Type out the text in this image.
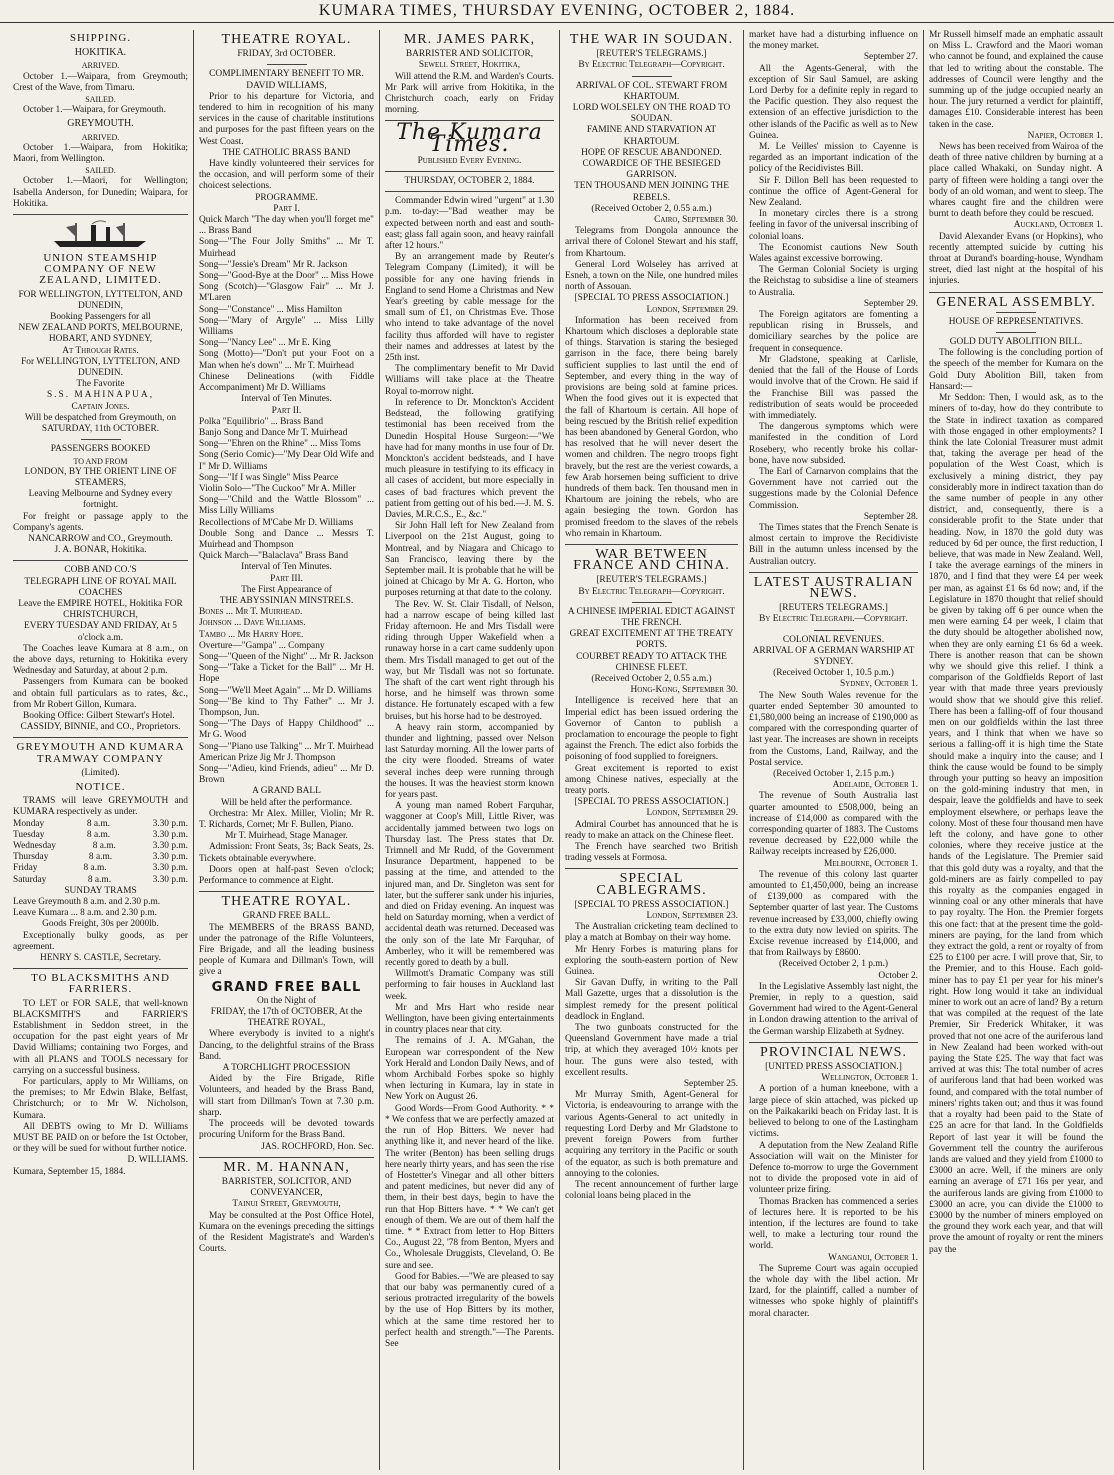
KUMARA TIMES, THURSDAY EVENING, OCTOBER 2, 1884.
SHIPPING.
HOKITIKA.
ARRIVED.

October 1.—Waipara, from Greymouth; Crest of the Wave, from Timaru.

SAILED.

October 1.—Waipara, for Greymouth.

GREYMOUTH.
ARRIVED.

October 1.—Waipara, from Hokitika; Maori, from Wellington.

SAILED.

October 1.—Maori, for Wellington; Isabella Anderson, for Dunedin; Waipara, for Hokitika.

UNION STEAMSHIP COMPANY OF NEW ZEALAND, LIMITED.
FOR WELLINGTON, LYTTELTON, AND DUNEDIN,
Booking Passengers for all
NEW ZEALAND PORTS, MELBOURNE, HOBART, AND SYDNEY,
At Through Rates.
For WELLINGTON, LYTTELTON, AND DUNEDIN.
The Favorite
S.S. MAHINAPUA,
Captain Jones.
Will be despatched from Greymouth, on
SATURDAY, 11th OCTOBER.
PASSENGERS BOOKED
TO AND FROM
LONDON, BY THE ORIENT LINE OF STEAMERS,
Leaving Melbourne and Sydney every fortnight.

For freight or passage apply to the Company's agents.

NANCARROW and CO., Greymouth.
J. A. BONAR, Hokitika.
COBB AND CO.'S
TELEGRAPH LINE OF ROYAL MAIL COACHES
Leave the EMPIRE HOTEL, Hokitika FOR CHRISTCHURCH,
EVERY TUESDAY AND FRIDAY, At 5 o'clock a.m.

The Coaches leave Kumara at 8 a.m., on the above days, returning to Hokitika every Wednesday and Saturday, at about 2 p.m.

Passengers from Kumara can be booked and obtain full particulars as to rates, &c., from Mr Robert Gillon, Kumara.

Booking Office: Gilbert Stewart's Hotel.

CASSIDY, BINNIE, and CO., Proprietors.
GREYMOUTH AND KUMARA TRAMWAY COMPANY
(Limited).
NOTICE.

TRAMS will leave GREYMOUTH and KUMARA respectively as under.

Monday	8 a.m.	3.30 p.m.
Tuesday	8 a.m.	3.30 p.m.
Wednesday	8 a.m.	3.30 p.m.
Thursday	8 a.m.	3.30 p.m.
Friday	8 a.m.	3.30 p.m.
Saturday	8 a.m.	3.30 p.m.
SUNDAY TRAMS
Leave Greymouth 8 a.m. and 2.30 p.m.
Leave Kumara ... 8 a.m. and 2.30 p.m.
Goods Freight, 30s per 2000lb.

Exceptionally bulky goods, as per agreement.

HENRY S. CASTLE, Secretary.
TO BLACKSMITHS AND FARRIERS.

TO LET or FOR SALE, that well-known BLACKSMITH'S and FARRIER'S Establishment in Seddon street, in the occupation for the past eight years of Mr David Williams; containing two Forges, and with all PLANS and TOOLS necessary for carrying on a successful business.

For particulars, apply to Mr Williams, on the premises; to Mr Edwin Blake, Belfast, Christchurch; or to Mr W. Nicholson, Kumara.

All DEBTS owing to Mr D. Williams MUST BE PAID on or before the 1st October, or they will be sued for without further notice.

D. WILLIAMS.
Kumara, September 15, 1884.
THEATRE ROYAL.
FRIDAY, 3rd OCTOBER.
COMPLIMENTARY BENEFIT TO MR. DAVID WILLIAMS,

Prior to his departure for Victoria, and tendered to him in recognition of his many services in the cause of charitable institutions and purposes for the past fifteen years on the West Coast.

THE CATHOLIC BRASS BAND

Have kindly volunteered their services for the occasion, and will perform some of their choicest selections.

PROGRAMME.
Part I.
Quick March "The day when you'll forget me" ... Brass Band
Song—"The Four Jolly Smiths" ... Mr T. Muirhead
Song—"Jessie's Dream" Mr R. Jackson
Song—"Good-Bye at the Door" ... Miss Howe
Song (Scotch)—"Glasgow Fair" ... Mr J. M'Laren
Song—"Constance" ... Miss Hamilton
Song—"Mary of Argyle" ... Miss Lilly Williams
Song—"Nancy Lee" ... Mr E. King
Song (Motto)—"Don't put your Foot on a Man when he's down" ... Mr T. Muirhead
Chinese Delineations (with Fiddle Accompaniment) Mr D. Williams
Interval of Ten Minutes.
Part II.
Polka "Equilibrio" ... Brass Band
Banjo Song and Dance Mr T. Muirhead
Song—"Ehren on the Rhine" ... Miss Toms
Song (Serio Comic)—"My Dear Old Wife and I" Mr D. Williams
Song—"If I was Single" Miss Pearce
Violin Solo—"The Cuckoo" Mr A. Miller
Song—"Child and the Wattle Blossom" ... Miss Lilly Williams
Recollections of M'Cabe Mr D. Williams
Double Song and Dance ... Messrs T. Muirhead and Thompson
Quick March—"Balaclava" Brass Band
Interval of Ten Minutes.
Part III.
The First Appearance of
THE ABYSSINIAN MINSTRELS.
Bones ... Mr T. Muirhead.
Johnson ... Dave Williams.
Tambo ... Mr Harry Hope.
Overture—"Gampa" ... Company
Song—"Queen of the Night" ... Mr R. Jackson
Song—"Take a Ticket for the Ball" ... Mr H. Hope
Song—"We'll Meet Again" ... Mr D. Williams
Song—"Be kind to Thy Father" ... Mr J. Thompson, Jun.
Song—"The Days of Happy Childhood" ... Mr G. Wood
Song—"Piano use Talking" ... Mr T. Muirhead
American Prize Jig Mr J. Thompson
Song—"Adieu, kind Friends, adieu" ... Mr D. Brown
A GRAND BALL
Will be held after the performance.

Orchestra: Mr Alex. Miller, Violin; Mr R. T. Richards, Cornet; Mr F. Bullen, Piano.

Mr T. Muirhead, Stage Manager.

Admission: Front Seats, 3s; Back Seats, 2s. Tickets obtainable everywhere.

Doors open at half-past Seven o'clock; Performance to commence at Eight.

THEATRE ROYAL.
GRAND FREE BALL.

The MEMBERS of the BRASS BAND, under the patronage of the Rifle Volunteers, Fire Brigade, and all the leading business people of Kumara and Dillman's Town, will give a

GRAND FREE BALL
On the Night of
FRIDAY, the 17th of OCTOBER, At the
THEATRE ROYAL,

Where everybody is invited to a night's Dancing, to the delightful strains of the Brass Band.

A TORCHLIGHT PROCESSION

Aided by the Fire Brigade, Rifle Volunteers, and headed by the Brass Band, will start from Dillman's Town at 7.30 p.m. sharp.

The proceeds will be devoted towards procuring Uniform for the Brass Band.

JAS. ROCHFORD, Hon. Sec.
MR. M. HANNAN,
BARRISTER, SOLICITOR, AND CONVEYANCER,
Tainui Street, Greymouth,

May be consulted at the Post Office Hotel, Kumara on the evenings preceding the sittings of the Resident Magistrate's and Warden's Courts.

MR. JAMES PARK,
BARRISTER AND SOLICITOR,
Sewell Street, Hokitika,

Will attend the R.M. and Warden's Courts. Mr Park will arrive from Hokitika, in the Christchurch coach, early on Friday morning.

The Kumara Times.
Published Every Evening.
THURSDAY, OCTOBER 2, 1884.

Commander Edwin wired "urgent" at 1.30 p.m. to-day:—"Bad weather may be expected between north and east and south-east; glass fall again soon, and heavy rainfall after 12 hours."

By an arrangement made by Reuter's Telegram Company (Limited), it will be possible for any one having friends in England to send Home a Christmas and New Year's greeting by cable message for the small sum of £1, on Christmas Eve. Those who intend to take advantage of the novel facility thus afforded will have to register their names and addresses at latest by the 25th inst.

The complimentary benefit to Mr David Williams will take place at the Theatre Royal to-morrow night.

In reference to Dr. Monckton's Accident Bedstead, the following gratifying testimonial has been received from the Dunedin Hospital House Surgeon:—"We have had for many months in use four of Dr. Monckton's accident bedsteads, and I have much pleasure in testifying to its efficacy in all cases of accident, but more especially in cases of bad fractures which prevent the patient from getting out of his bed.—J. M. S. Davies, M.R.C.S., E., &c."

Sir John Hall left for New Zealand from Liverpool on the 21st August, going to Montreal, and by Niagara and Chicago to San Francisco, leaving there by the September mail. It is probable that he will be joined at Chicago by Mr A. G. Horton, who purposes returning at that date to the colony.

The Rev. W. St. Clair Tisdall, of Nelson, had a narrow escape of being killed last Friday afternoon. He and Mrs Tisdall were riding through Upper Wakefield when a runaway horse in a cart came suddenly upon them. Mrs Tisdall managed to get out of the way, but Mr Tisdall was not so fortunate. The shaft of the cart went right through his horse, and he himself was thrown some distance. He fortunately escaped with a few bruises, but his horse had to be destroyed.

A heavy rain storm, accompanied by thunder and lightning, passed over Nelson last Saturday morning. All the lower parts of the city were flooded. Streams of water several inches deep were running through the houses. It was the heaviest storm known for years past.

A young man named Robert Farquhar, waggoner at Coop's Mill, Little River, was accidentally jammed between two logs on Thursday last. The Press states that Dr. Trimnell and Mr Rudd, of the Government Insurance Department, happened to be passing at the time, and attended to the injured man, and Dr. Singleton was sent for later, but the sufferer sank under his injuries, and died on Friday evening. An inquest was held on Saturday morning, when a verdict of accidental death was returned. Deceased was the only son of the late Mr Farquhar, of Amberley, who it will be remembered was recently gored to death by a bull.

Willmott's Dramatic Company was still performing to fair houses in Auckland last week.

Mr and Mrs Hart who reside near Wellington, have been giving entertainments in country places near that city.

The remains of J. A. M'Gahan, the European war correspondent of the New York Herald and London Daily News, and of whom Archibald Forbes spoke so highly when lecturing in Kumara, lay in state in New York on August 26.

Good Words—From Good Authority. * * * We confess that we are perfectly amazed at the run of Hop Bitters. We never had anything like it, and never heard of the like. The writer (Benton) has been selling drugs here nearly thirty years, and has seen the rise of Hostetter's Vinegar and all other bitters and patent medicines, but never did any of them, in their best days, begin to have the run that Hop Bitters have. * * We can't get enough of them. We are out of them half the time. * * Extract from letter to Hop Bitters Co., August 22, '78 from Benton, Myers and Co., Wholesale Druggists, Cleveland, O. Be sure and see.

Good for Babies.—"We are pleased to say that our baby was permanently cured of a serious protracted irregularity of the bowels by the use of Hop Bitters by its mother, which at the same time restored her to perfect health and strength."—The Parents. See

THE WAR IN SOUDAN.
[REUTER'S TELEGRAMS.]
By Electric Telegraph—Copyright.
ARRIVAL OF COL. STEWART FROM KHARTOUM.
LORD WOLSELEY ON THE ROAD TO SOUDAN.
FAMINE AND STARVATION AT KHARTOUM.
HOPE OF RESCUE ABANDONED.
COWARDICE OF THE BESIEGED GARRISON.
TEN THOUSAND MEN JOINING THE REBELS.
(Received October 2, 0.55 a.m.)
Cairo, September 30.

Telegrams from Dongola announce the arrival there of Colonel Stewart and his staff, from Khartoum.

General Lord Wolseley has arrived at Esneh, a town on the Nile, one hundred miles north of Assouan.

[SPECIAL TO PRESS ASSOCIATION.]
London, September 29.

Information has been received from Khartoum which discloses a deplorable state of things. Starvation is staring the besieged garrison in the face, there being barely sufficient supplies to last until the end of September, and every thing in the way of provisions are being sold at famine prices. When the food gives out it is expected that the fall of Khartoum is certain. All hope of being rescued by the British relief expedition has been abandoned by General Gordon, who has resolved that he will never desert the women and children. The negro troops fight bravely, but the rest are the veriest cowards, a few Arab horsemen being sufficient to drive hundreds of them back. Ten thousand men in Khartoum are joining the rebels, who are again besieging the town. Gordon has promised freedom to the slaves of the rebels who remain in Khartoum.

WAR BETWEEN FRANCE AND CHINA.
[REUTER'S TELEGRAMS.]
By Electric Telegraph—Copyright.
A CHINESE IMPERIAL EDICT AGAINST THE FRENCH.
GREAT EXCITEMENT AT THE TREATY PORTS.
COURBET READY TO ATTACK THE CHINESE FLEET.
(Received October 2, 0.55 a.m.)
Hong-Kong, September 30.

Intelligence is received here that an Imperial edict has been issued ordering the Governor of Canton to publish a proclamation to encourage the people to fight against the French. The edict also forbids the poisoning of food supplied to foreigners.

Great excitement is reported to exist among Chinese natives, especially at the treaty ports.

[SPECIAL TO PRESS ASSOCIATION.]
London, September 29.

Admiral Courbet has announced that he is ready to make an attack on the Chinese fleet.

The French have searched two British trading vessels at Formosa.

SPECIAL CABLEGRAMS.
[SPECIAL TO PRESS ASSOCIATION.]
London, September 23.

The Australian cricketing team declined to play a match at Bombay on their way home.

Mr Henry Forbes is maturing plans for exploring the south-eastern portion of New Guinea.

Sir Gavan Duffy, in writing to the Pall Mall Gazette, urges that a dissolution is the simplest remedy for the present political deadlock in England.

The two gunboats constructed for the Queensland Government have made a trial trip, at which they averaged 10½ knots per hour. The guns were also tested, with excellent results.

September 25.

Mr Murray Smith, Agent-General for Victoria, is endeavouring to arrange with the various Agents-General to act unitedly in requesting Lord Derby and Mr Gladstone to prevent foreign Powers from further acquiring any territory in the Pacific or south of the equator, as such is both premature and annoying to the colonies.

The recent announcement of further large colonial loans being placed in the

market have had a disturbing influence on the money market.

September 27.

All the Agents-General, with the exception of Sir Saul Samuel, are asking Lord Derby for a definite reply in regard to the Pacific question. They also request the extension of an effective jurisdiction to the other islands of the Pacific as well as to New Guinea.

M. Le Veilles' mission to Cayenne is regarded as an important indication of the policy of the Recidivistes Bill.

Sir F. Dillon Bell has been requested to continue the office of Agent-General for New Zealand.

In monetary circles there is a strong feeling in favor of the universal inscribing of colonial loans.

The Economist cautions New South Wales against excessive borrowing.

The German Colonial Society is urging the Reichstag to subsidise a line of steamers to Australia.

September 29.

The Foreign agitators are fomenting a republican rising in Brussels, and domiciliary searches by the police are frequent in consequence.

Mr Gladstone, speaking at Carlisle, denied that the fall of the House of Lords would involve that of the Crown. He said if the Franchise Bill was passed the redistribution of seats would be proceeded with immediately.

The dangerous symptoms which were manifested in the condition of Lord Rosebery, who recently broke his collar-bone, have now subsided.

The Earl of Carnarvon complains that the Government have not carried out the suggestions made by the Colonial Defence Commission.

September 28.

The Times states that the French Senate is almost certain to improve the Recidiviste Bill in the autumn unless incensed by the Australian outcry.

LATEST AUSTRALIAN NEWS.
[REUTERS TELEGRAMS.]
By Electric Telegraph.—Copyright.
COLONIAL REVENUES.
ARRIVAL OF A GERMAN WARSHIP AT SYDNEY.
(Received October 1, 10.5 p.m.)
Sydney, October 1.

The New South Wales revenue for the quarter ended September 30 amounted to £1,580,000 being an increase of £190,000 as compared with the corresponding quarter of last year. The increases are shown in receipts from the Customs, Land, Railway, and the Postal service.

(Received October 1, 2.15 p.m.)
Adelaide, October 1.

The revenue of South Australia last quarter amounted to £508,000, being an increase of £14,000 as compared with the corresponding quarter of 1883. The Customs revenue decreased by £22,000 while the Railway receipts increased by £26,000.

Melbourne, October 1.

The revenue of this colony last quarter amounted to £1,450,000, being an increase of £139,000 as compared with the September quarter of last year. The Customs revenue increased by £33,000, chiefly owing to the extra duty now levied on spirits. The Excise revenue increased by £14,000, and that from Railways by £8600.

(Received October 2, 1 p.m.)
October 2.

In the Legislative Assembly last night, the Premier, in reply to a question, said Government had wired to the Agent-General in London drawing attention to the arrival of the German warship Elizabeth at Sydney.

PROVINCIAL NEWS.
[UNITED PRESS ASSOCIATION.]
Wellington, October 1.

A portion of a human kneebone, with a large piece of skin attached, was picked up on the Paikakariki beach on Friday last. It is believed to belong to one of the Lastingham victims.

A deputation from the New Zealand Rifle Association will wait on the Minister for Defence to-morrow to urge the Government not to divide the proposed vote in aid of volunteer prize firing.

Thomas Bracken has commenced a series of lectures here. It is reported to be his intention, if the lectures are found to take well, to make a lecturing tour round the world.

Wanganui, October 1.

The Supreme Court was again occupied the whole day with the libel action. Mr Izard, for the plaintiff, called a number of witnesses who spoke highly of plaintiff's moral character.

Mr Russell himself made an emphatic assault on Miss L. Crawford and the Maori woman who cannot be found, and explained the cause that led to writing about the constable. The addresses of Council were lengthy and the summing up of the judge occupied nearly an hour. The jury returned a verdict for plaintiff, damages £10. Considerable interest has been taken in the case.

Napier, October 1.

News has been received from Wairoa of the death of three native children by burning at a place called Whakaki, on Sunday night. A party of fifteen were holding a tangi over the body of an old woman, and went to sleep. The whares caught fire and the children were burnt to death before they could be rescued.

Auckland, October 1.

David Alexander Evans (or Hopkins), who recently attempted suicide by cutting his throat at Durand's boarding-house, Wyndham street, died last night at the hospital of his injuries.

GENERAL ASSEMBLY.
HOUSE OF REPRESENTATIVES.
GOLD DUTY ABOLITION BILL.

The following is the concluding portion of the speech of the member for Kumara on the Gold Duty Abolition Bill, taken from Hansard:—

Mr Seddon: Then, I would ask, as to the miners of to-day, how do they contribute to the State in indirect taxation as compared with those engaged in other employments? I think the late Colonial Treasurer must admit that, taking the average per head of the population of the West Coast, which is exclusively a mining district, they pay considerably more in indirect taxation than do the same number of people in any other district, and, consequently, there is a considerable profit to the State under that heading. Now, in 1870 the gold duty was reduced by 6d per ounce, the first reduction, I believe, that was made in New Zealand. Well, I take the average earnings of the miners in 1870, and I find that they were £4 per week per man, as against £1 6s 6d now; and, if the Legislature in 1870 thought that relief should be given by taking off 6 per ounce when the men were earning £4 per week, I claim that the duty should be altogether abolished now, when they are only earning £1 6s 6d a week. There is another reason that can be shown why we should give this relief. I think a comparison of the Goldfields Report of last year with that made three years previously would show that we should give this relief. There has been a falling-off of four thousand men on our goldfields within the last three years, and I think that when we have so serious a falling-off it is high time the State should make a inquiry into the cause; and I think the cause would be found to be simply through your putting so heavy an imposition on the gold-mining industry that men, in despair, leave the goldfields and have to seek employment elsewhere, or perhaps leave the colony. Most of these four thousand men have left the colony, and have gone to other colonies, where they receive justice at the hands of the Legislature. The Premier said that this gold duty was a royalty, and that the gold-miners are as fairly compelled to pay this royalty as the companies engaged in winning coal or any other minerals that have to pay royalty. The Hon. the Premier forgets this one fact: that at the present time the gold-miners are paying, for the land from which they extract the gold, a rent or royalty of from £25 to £100 per acre. I will prove that, Sir, to the Premier, and to this House. Each gold-miner has to pay £1 per year for his miner's right. How long would it take an individual miner to work out an acre of land? By a return that was compiled at the request of the late Premier, Sir Frederick Whitaker, it was proved that not one acre of the auriferous land in New Zealand had been worked with-out paying the State £25. The way that fact was arrived at was this: The total number of acres of auriferous land that had been worked was found, and compared with the total number of miners' rights taken out; and thus it was found that a royalty had been paid to the State of £25 an acre for that land. In the Goldfields Report of last year it will be found the Government tell the country the auriferous lands are valued and they yield from £1000 to £3000 an acre. Well, if the miners are only earning an average of £71 16s per year, and the auriferous lands are giving from £1000 to £3000 an acre, you can divide the £1000 to £3000 by the number of miners employed on the ground they work each year, and that will prove the amount of royalty or rent the miners pay the
